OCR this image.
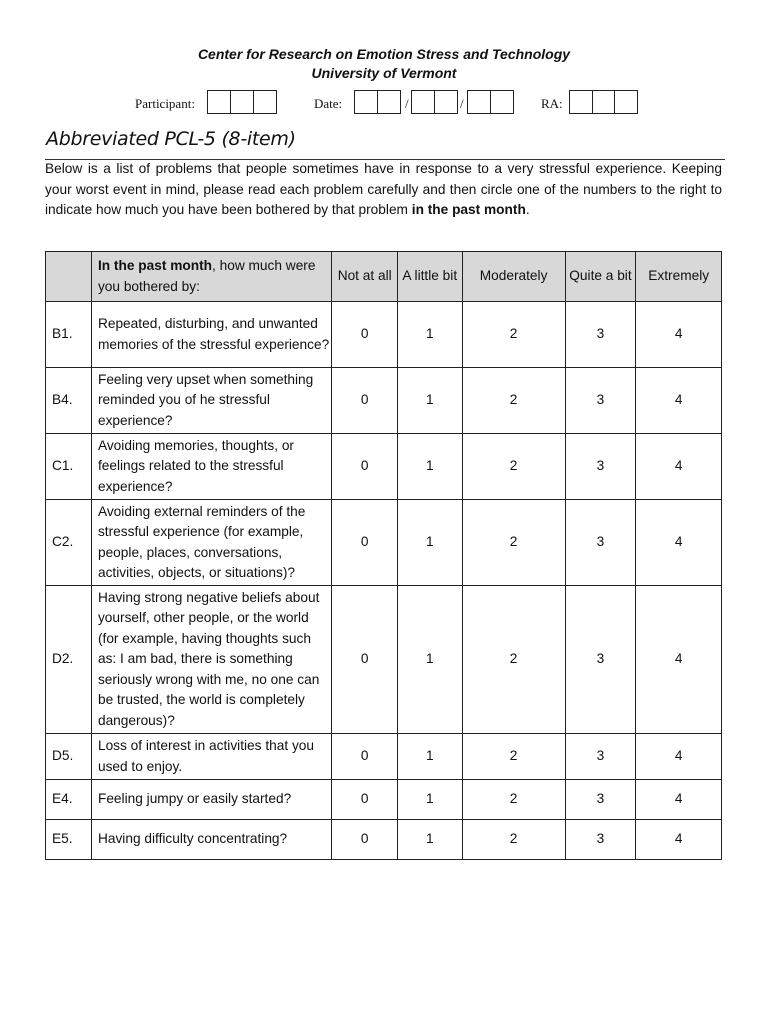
Center for Research on Emotion Stress and Technology
University of Vermont
Participant:	Date:	/	/	RA:
Abbreviated PCL-5 (8-item)
Below is a list of problems that people sometimes have in response to a very stressful experience. Keeping your worst event in mind, please read each problem carefully and then circle one of the numbers to the right to indicate how much you have been bothered by that problem in the past month.
	In the past month, how much were you bothered by:	Not at all	A little bit	Moderately	Quite a bit	Extremely
B1.	Repeated, disturbing, and unwanted memories of the stressful experience?	0	1	2	3	4
B4.	Feeling very upset when something reminded you of he stressful experience?	0	1	2	3	4
C1.	Avoiding memories, thoughts, or feelings related to the stressful experience?	0	1	2	3	4
C2.	Avoiding external reminders of the stressful experience (for example, people, places, conversations, activities, objects, or situations)?	0	1	2	3	4
D2.	Having strong negative beliefs about yourself, other people, or the world (for example, having thoughts such as: I am bad, there is something seriously wrong with me, no one can be trusted, the world is completely dangerous)?	0	1	2	3	4
D5.	Loss of interest in activities that you used to enjoy.	0	1	2	3	4
E4.	Feeling jumpy or easily started?	0	1	2	3	4
E5.	Having difficulty concentrating?	0	1	2	3	4
